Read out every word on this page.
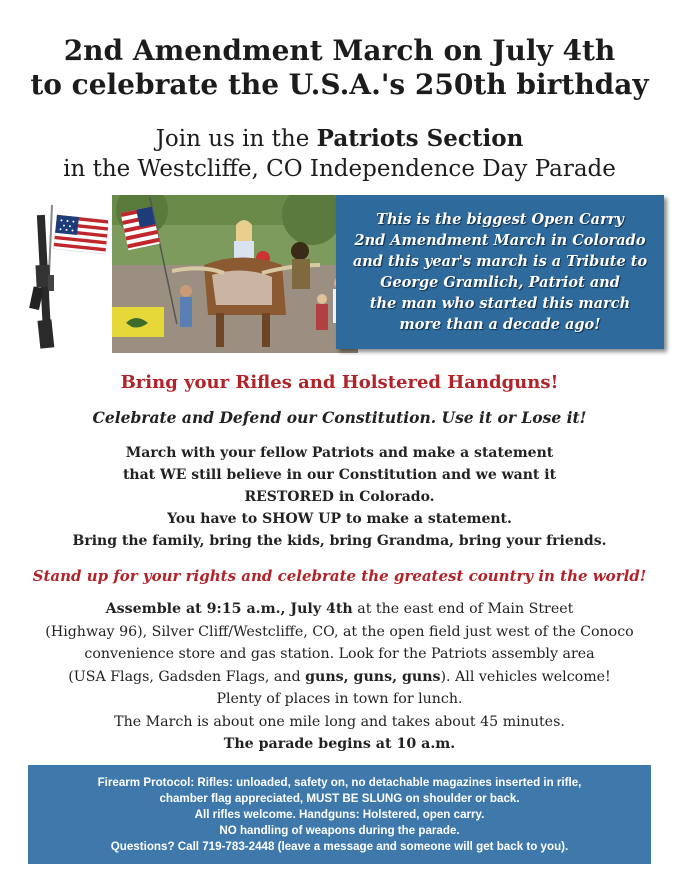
2nd Amendment March on July 4th
to celebrate the U.S.A.'s 250th birthday
Join us in the Patriots Section
in the Westcliffe, CO Independence Day Parade
This is the biggest Open Carry
2nd Amendment March in Colorado
and this year's march is a Tribute to
George Gramlich, Patriot and
the man who started this march
more than a decade ago!
Bring your Rifles and Holstered Handguns!
Celebrate and Defend our Constitution. Use it or Lose it!
March with your fellow Patriots and make a statement
that WE still believe in our Constitution and we want it
RESTORED in Colorado.
You have to SHOW UP to make a statement.
Bring the family, bring the kids, bring Grandma, bring your friends.
Stand up for your rights and celebrate the greatest country in the world!
Assemble at 9:15 a.m., July 4th at the east end of Main Street
(Highway 96), Silver Cliff/Westcliffe, CO, at the open field just west of the Conoco
convenience store and gas station. Look for the Patriots assembly area
(USA Flags, Gadsden Flags, and guns, guns, guns). All vehicles welcome!
Plenty of places in town for lunch.
The March is about one mile long and takes about 45 minutes.
The parade begins at 10 a.m.
Firearm Protocol: Rifles: unloaded, safety on, no detachable magazines inserted in rifle,
chamber flag appreciated, MUST BE SLUNG on shoulder or back.
All rifles welcome. Handguns: Holstered, open carry.
NO handling of weapons during the parade.
Questions? Call 719-783-2448 (leave a message and someone will get back to you).
